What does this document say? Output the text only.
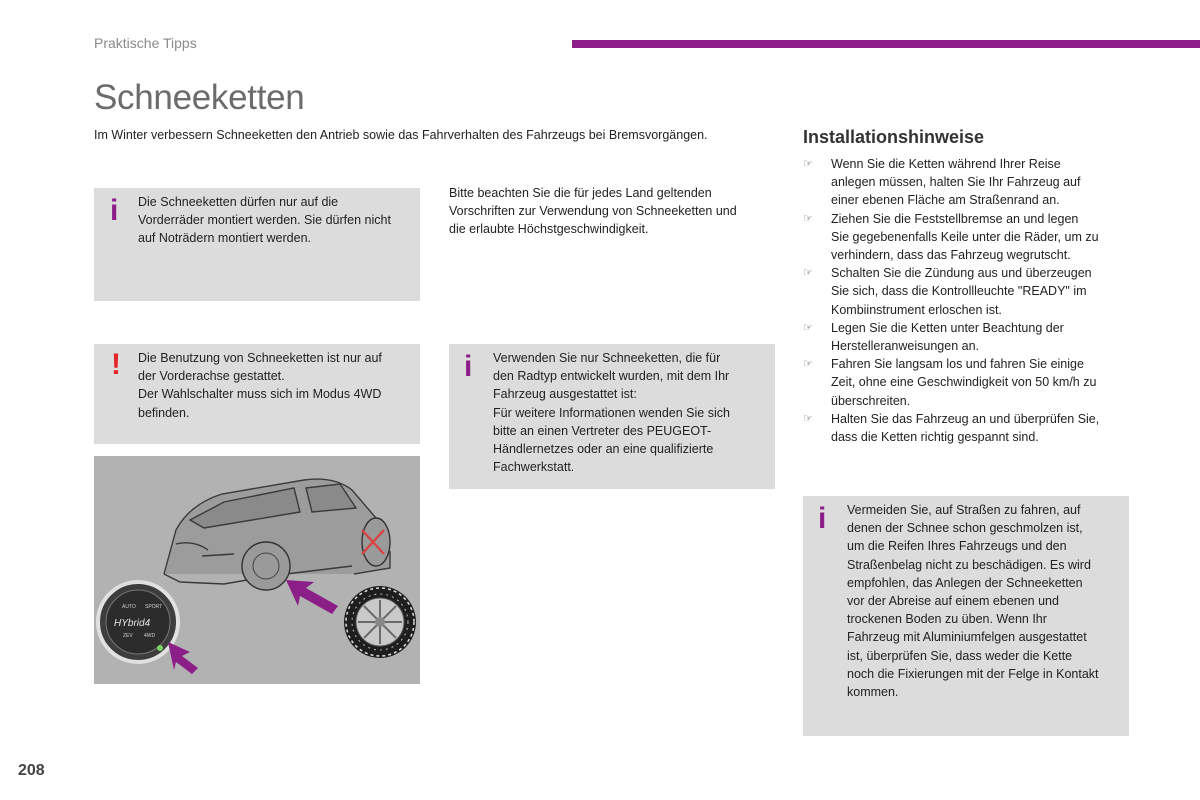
Praktische Tipps
Schneeketten

Im Winter verbessern Schneeketten den Antrieb sowie das Fahrverhalten des Fahrzeugs bei Bremsvorgängen.

i Die Schneeketten dürfen nur auf die
Vorderräder montiert werden. Sie dürfen nicht
auf Noträdern montiert werden.
Bitte beachten Sie die für jedes Land geltenden
Vorschriften zur Verwendung von Schneeketten und
die erlaubte Höchstgeschwindigkeit.
! Die Benutzung von Schneeketten ist nur auf
der Vorderachse gestattet.
Der Wahlschalter muss sich im Modus 4WD
befinden.
i Verwenden Sie nur Schneeketten, die für
den Radtyp entwickelt wurden, mit dem Ihr
Fahrzeug ausgestattet ist:
Für weitere Informationen wenden Sie sich
bitte an einen Vertreter des PEUGEOT-
Händlernetzes oder an eine qualifizierte
Fachwerkstatt.
AUTO SPORT
HYbrid4
ZEV 4WD
Installationshinweise
☞ Wenn Sie die Ketten während Ihrer Reise
anlegen müssen, halten Sie Ihr Fahrzeug auf
einer ebenen Fläche am Straßenrand an.
☞ Ziehen Sie die Feststellbremse an und legen
Sie gegebenenfalls Keile unter die Räder, um zu
verhindern, dass das Fahrzeug wegrutscht.
☞ Schalten Sie die Zündung aus und überzeugen
Sie sich, dass die Kontrollleuchte "READY" im
Kombiinstrument erloschen ist.
☞ Legen Sie die Ketten unter Beachtung der
Herstelleranweisungen an.
☞ Fahren Sie langsam los und fahren Sie einige
Zeit, ohne eine Geschwindigkeit von 50 km/h zu
überschreiten.
☞ Halten Sie das Fahrzeug an und überprüfen Sie,
dass die Ketten richtig gespannt sind.
i Vermeiden Sie, auf Straßen zu fahren, auf
denen der Schnee schon geschmolzen ist,
um die Reifen Ihres Fahrzeugs und den
Straßenbelag nicht zu beschädigen. Es wird
empfohlen, das Anlegen der Schneeketten
vor der Abreise auf einem ebenen und
trockenen Boden zu üben. Wenn Ihr
Fahrzeug mit Aluminiumfelgen ausgestattet
ist, überprüfen Sie, dass weder die Kette
noch die Fixierungen mit der Felge in Kontakt
kommen.
208
